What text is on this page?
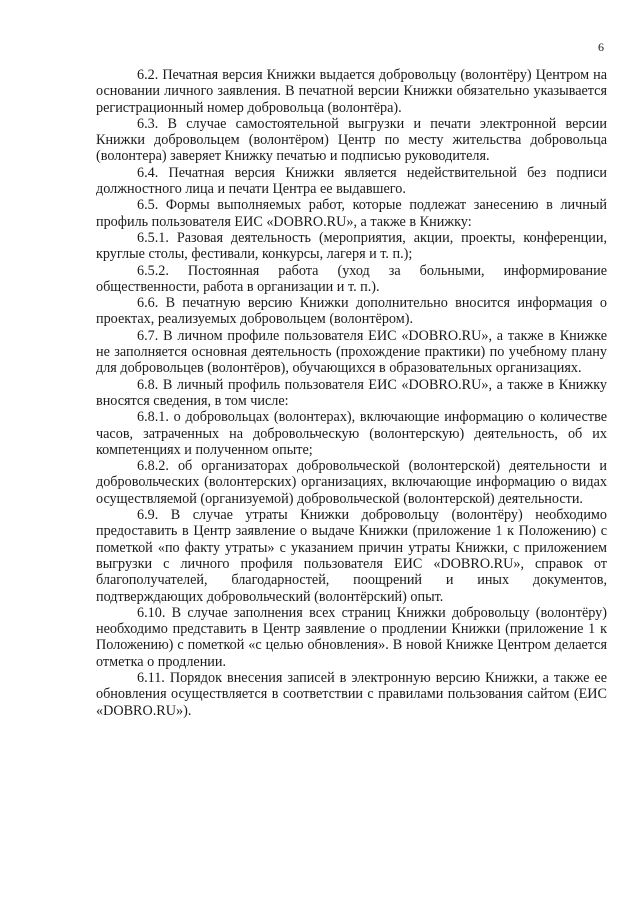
6

6.2. Печатная версия Книжки выдается добровольцу (волонтёру) Центром на основании личного заявления. В печатной версии Книжки обязательно указывается регистрационный номер добровольца (волонтёра).

6.3. В случае самостоятельной выгрузки и печати электронной версии Книжки добровольцем (волонтёром) Центр по месту жительства добровольца (волонтера) заверяет Книжку печатью и подписью руководителя.

6.4. Печатная версия Книжки является недействительной без подписи должностного лица и печати Центра ее выдавшего.

6.5. Формы выполняемых работ, которые подлежат занесению в личный профиль пользователя ЕИС «DOBRO.RU», а также в Книжку:

6.5.1. Разовая деятельность (мероприятия, акции, проекты, конференции, круглые столы, фестивали, конкурсы, лагеря и т. п.);

6.5.2. Постоянная работа (уход за больными, информирование общественности, работа в организации и т. п.).

6.6. В печатную версию Книжки дополнительно вносится информация о проектах, реализуемых добровольцем (волонтёром).

6.7. В личном профиле пользователя ЕИС «DOBRO.RU», а также в Книжке не заполняется основная деятельность (прохождение практики) по учебному плану для добровольцев (волонтёров), обучающихся в образовательных организациях.

6.8. В личный профиль пользователя ЕИС «DOBRO.RU», а также в Книжку вносятся сведения, в том числе:

6.8.1. о добровольцах (волонтерах), включающие информацию о количестве часов, затраченных на добровольческую (волонтерскую) деятельность, об их компетенциях и полученном опыте;

6.8.2. об организаторах добровольческой (волонтерской) деятельности и добровольческих (волонтерских) организациях, включающие информацию о видах осуществляемой (организуемой) добровольческой (волонтерской) деятельности.

6.9. В случае утраты Книжки добровольцу (волонтёру) необходимо предоставить в Центр заявление о выдаче Книжки (приложение 1 к Положению) с пометкой «по факту утраты» с указанием причин утраты Книжки, с приложением выгрузки с личного профиля пользователя ЕИС «DOBRO.RU», справок от благополучателей, благодарностей, поощрений и иных документов, подтверждающих добровольческий (волонтёрский) опыт.

6.10. В случае заполнения всех страниц Книжки добровольцу (волонтёру) необходимо представить в Центр заявление о продлении Книжки (приложение 1 к Положению) с пометкой «с целью обновления». В новой Книжке Центром делается отметка о продлении.

6.11. Порядок внесения записей в электронную версию Книжки, а также ее обновления осуществляется в соответствии с правилами пользования сайтом (ЕИС «DOBRO.RU»).
